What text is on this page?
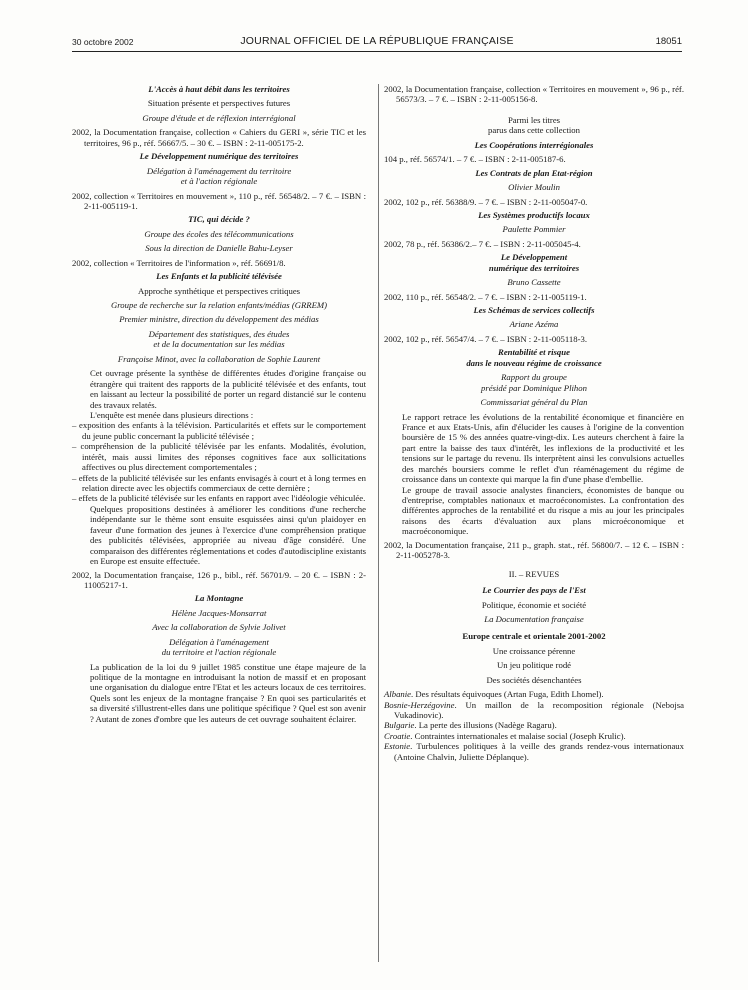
30 octobre 2002	JOURNAL OFFICIEL DE LA RÉPUBLIQUE FRANÇAISE	18051
L'Accès à haut débit dans les territoires
Situation présente et perspectives futures
Groupe d'étude et de réflexion interrégional
2002, la Documentation française, collection « Cahiers du GERI », série TIC et les territoires, 96 p., réf. 56667/5. – 30 €. – ISBN : 2-11-005175-2.
Le Développement numérique des territoires
Délégation à l'aménagement du territoire
et à l'action régionale
2002, collection « Territoires en mouvement », 110 p., réf. 56548/2. – 7 €. – ISBN : 2-11-005119-1.
TIC, qui décide ?
Groupe des écoles des télécommunications
Sous la direction de Danielle Bahu-Leyser
2002, collection « Territoires de l'information », réf. 56691/8.
Les Enfants et la publicité télévisée
Approche synthétique et perspectives critiques
Groupe de recherche sur la relation enfants/médias (GRREM)
Premier ministre, direction du développement des médias
Département des statistiques, des études
et de la documentation sur les médias
Françoise Minot, avec la collaboration de Sophie Laurent
Cet ouvrage présente la synthèse de différentes études d'origine française ou étrangère qui traitent des rapports de la publicité télévisée et des enfants, tout en laissant au lecteur la possibilité de porter un regard distancié sur le contenu des travaux relatés.
L'enquête est menée dans plusieurs directions :
– exposition des enfants à la télévision. Particularités et effets sur le comportement du jeune public concernant la publicité télévisée ;
– compréhension de la publicité télévisée par les enfants. Modalités, évolution, intérêt, mais aussi limites des réponses cognitives face aux sollicitations affectives ou plus directement comportementales ;
– effets de la publicité télévisée sur les enfants envisagés à court et à long termes en relation directe avec les objectifs commerciaux de cette dernière ;
– effets de la publicité télévisée sur les enfants en rapport avec l'idéologie véhiculée.
Quelques propositions destinées à améliorer les conditions d'une recherche indépendante sur le thème sont ensuite esquissées ainsi qu'un plaidoyer en faveur d'une formation des jeunes à l'exercice d'une compréhension pratique des publicités télévisées, appropriée au niveau d'âge considéré. Une comparaison des différentes réglementations et codes d'autodiscipline existants en Europe est ensuite effectuée.
2002, la Documentation française, 126 p., bibl., réf. 56701/9. – 20 €. – ISBN : 2-11005217-1.
La Montagne
Hélène Jacques-Monsarrat
Avec la collaboration de Sylvie Jolivet
Délégation à l'aménagement
du territoire et l'action régionale
La publication de la loi du 9 juillet 1985 constitue une étape majeure de la politique de la montagne en introduisant la notion de massif et en proposant une organisation du dialogue entre l'Etat et les acteurs locaux de ces territoires. Quels sont les enjeux de la montagne française ? En quoi ses particularités et sa diversité s'illustrent-elles dans une politique spécifique ? Quel est son avenir ? Autant de zones d'ombre que les auteurs de cet ouvrage souhaitent éclairer.
2002, la Documentation française, collection « Territoires en mouvement », 96 p., réf. 56573/3. – 7 €. – ISBN : 2-11-005156-8.
Parmi les titres
parus dans cette collection
Les Coopérations interrégionales
104 p., réf. 56574/1. – 7 €. – ISBN : 2-11-005187-6.
Les Contrats de plan Etat-région
Olivier Moulin
2002, 102 p., réf. 56388/9. – 7 €. – ISBN : 2-11-005047-0.
Les Systèmes productifs locaux
Paulette Pommier
2002, 78 p., réf. 56386/2.– 7 €. – ISBN : 2-11-005045-4.
Le Développement
numérique des territoires
Bruno Cassette
2002, 110 p., réf. 56548/2. – 7 €. – ISBN : 2-11-005119-1.
Les Schémas de services collectifs
Ariane Azéma
2002, 102 p., réf. 56547/4. – 7 €. – ISBN : 2-11-005118-3.
Rentabilité et risque
dans le nouveau régime de croissance
Rapport du groupe
présidé par Dominique Plihon
Commissariat général du Plan
Le rapport retrace les évolutions de la rentabilité économique et financière en France et aux Etats-Unis, afin d'élucider les causes à l'origine de la convention boursière de 15 % des années quatre-vingt-dix. Les auteurs cherchent à faire la part entre la baisse des taux d'intérêt, les inflexions de la productivité et les tensions sur le partage du revenu. Ils interprètent ainsi les convulsions actuelles des marchés boursiers comme le reflet d'un réaménagement du régime de croissance dans un contexte qui marque la fin d'une phase d'embellie.
Le groupe de travail associe analystes financiers, économistes de banque ou d'entreprise, comptables nationaux et macroéconomistes. La confrontation des différentes approches de la rentabilité et du risque a mis au jour les principales raisons des écarts d'évaluation aux plans microéconomique et macroéconomique.
2002, la Documentation française, 211 p., graph. stat., réf. 56800/7. – 12 €. – ISBN : 2-11-005278-3.
II. – REVUES
Le Courrier des pays de l'Est
Politique, économie et société
La Documentation française
Europe centrale et orientale 2001-2002
Une croissance pérenne
Un jeu politique rodé
Des sociétés désenchantées
Albanie. Des résultats équivoques (Artan Fuga, Edith Lhomel).
Bosnie-Herzégovine. Un maillon de la recomposition régionale (Nebojsa Vukadinovic).
Bulgarie. La perte des illusions (Nadège Ragaru).
Croatie. Contraintes internationales et malaise social (Joseph Krulic).
Estonie. Turbulences politiques à la veille des grands rendez-vous internationaux (Antoine Chalvin, Juliette Déplanque).
